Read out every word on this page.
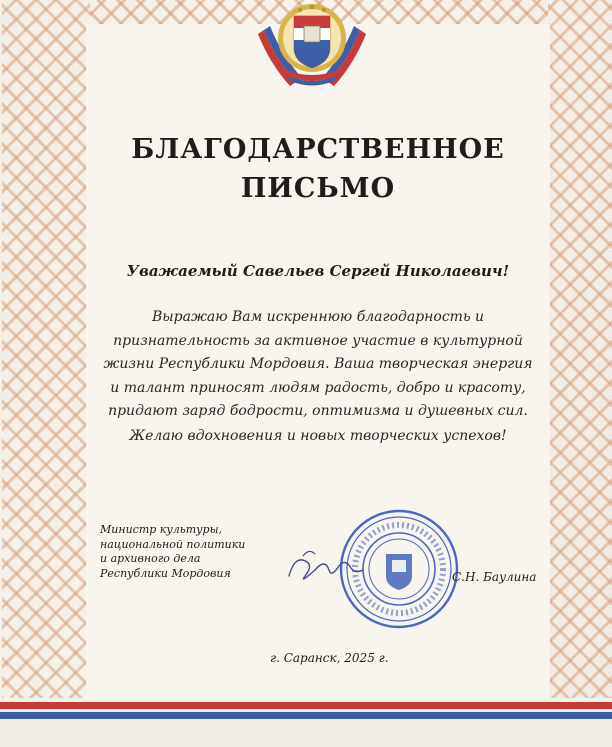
БЛАГОДАРСТВЕННОЕ
ПИСЬМО
Уважаемый Савельев Сергей Николаевич!

Выражаю Вам искреннюю благодарность и признательность за активное участие в культурной жизни Республики Мордовия. Ваша творческая энергия и талант приносят людям радость, добро и красоту, придают заряд бодрости, оптимизма и душевных сил.

Желаю вдохновения и новых творческих успехов!

Министр культуры,
национальной политики
и архивного дела
Республики Мордовия	С.Н. Баулина
г. Саранск, 2025 г.
